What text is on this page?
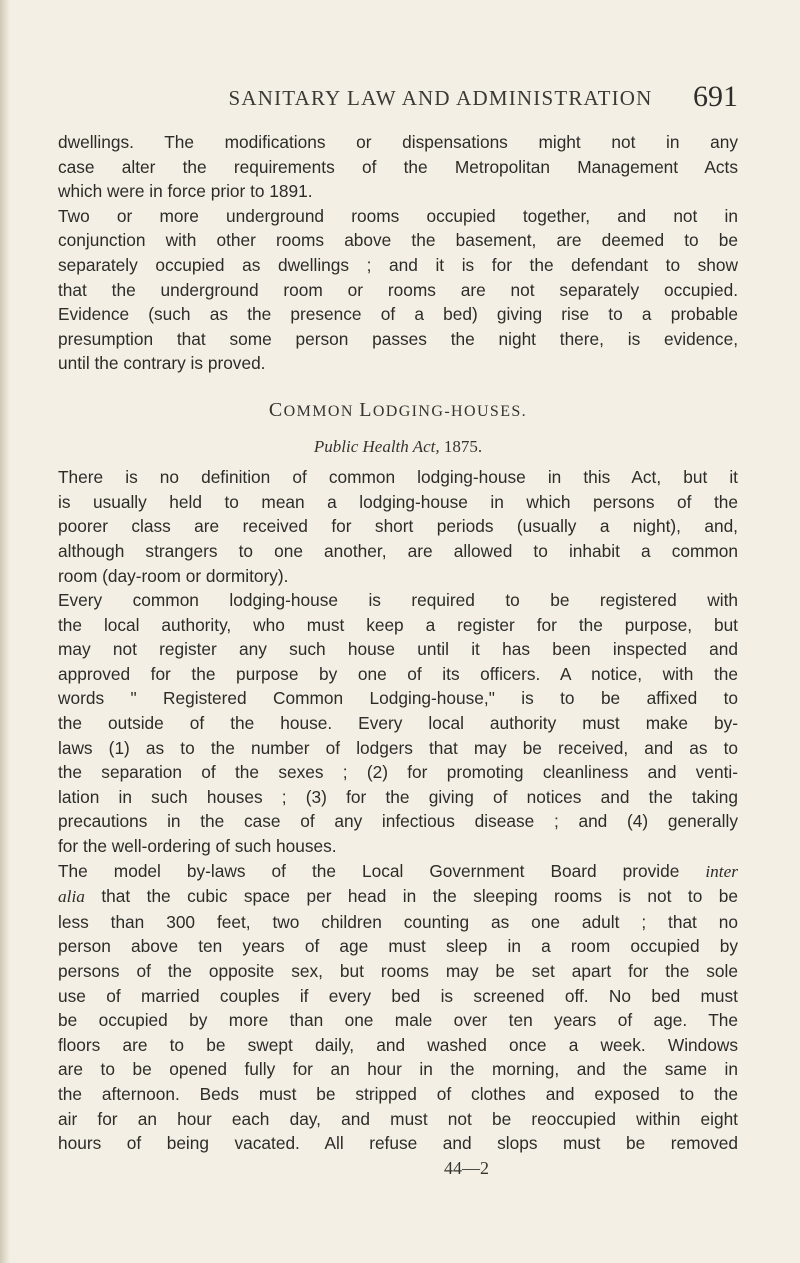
SANITARY LAW AND ADMINISTRATION 691
dwellings. The modifications or dispensations might not in any
case alter the requirements of the Metropolitan Management Acts
which were in force prior to 1891.
Two or more underground rooms occupied together, and not in
conjunction with other rooms above the basement, are deemed to be
separately occupied as dwellings ; and it is for the defendant to show
that the underground room or rooms are not separately occupied.
Evidence (such as the presence of a bed) giving rise to a probable
presumption that some person passes the night there, is evidence,
until the contrary is proved.
COMMON LODGING-HOUSES.
Public Health Act, 1875.
There is no definition of common lodging-house in this Act, but it
is usually held to mean a lodging-house in which persons of the
poorer class are received for short periods (usually a night), and,
although strangers to one another, are allowed to inhabit a common
room (day-room or dormitory).
Every common lodging-house is required to be registered with
the local authority, who must keep a register for the purpose, but
may not register any such house until it has been inspected and
approved for the purpose by one of its officers. A notice, with the
words " Registered Common Lodging-house," is to be affixed to
the outside of the house. Every local authority must make by-
laws (1) as to the number of lodgers that may be received, and as to
the separation of the sexes ; (2) for promoting cleanliness and venti-
lation in such houses ; (3) for the giving of notices and the taking
precautions in the case of any infectious disease ; and (4) generally
for the well-ordering of such houses.
The model by-laws of the Local Government Board provide inter
alia that the cubic space per head in the sleeping rooms is not to be
less than 300 feet, two children counting as one adult ; that no
person above ten years of age must sleep in a room occupied by
persons of the opposite sex, but rooms may be set apart for the sole
use of married couples if every bed is screened off. No bed must
be occupied by more than one male over ten years of age. The
floors are to be swept daily, and washed once a week. Windows
are to be opened fully for an hour in the morning, and the same in
the afternoon. Beds must be stripped of clothes and exposed to the
air for an hour each day, and must not be reoccupied within eight
hours of being vacated. All refuse and slops must be removed
44—2
